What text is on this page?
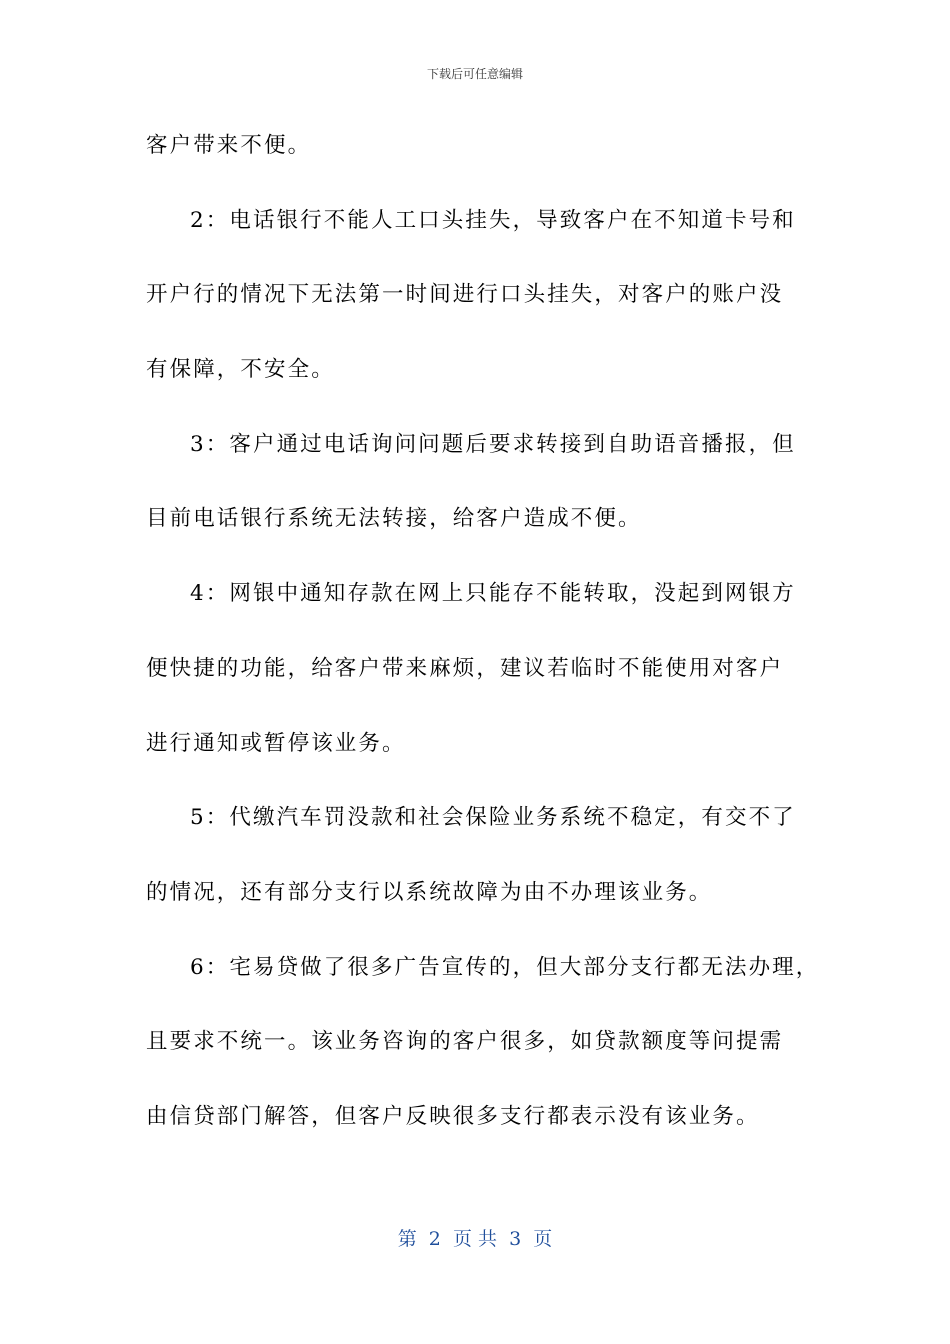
下载后可任意编辑
客户带来不便。
2：电话银行不能人工口头挂失，导致客户在不知道卡号和
开户行的情况下无法第一时间进行口头挂失，对客户的账户没
有保障，不安全。
3：客户通过电话询问问题后要求转接到自助语音播报，但
目前电话银行系统无法转接，给客户造成不便。
4：网银中通知存款在网上只能存不能转取，没起到网银方
便快捷的功能，给客户带来麻烦，建议若临时不能使用对客户
进行通知或暂停该业务。
5：代缴汽车罚没款和社会保险业务系统不稳定，有交不了
的情况，还有部分支行以系统故障为由不办理该业务。
6：宅易贷做了很多广告宣传的，但大部分支行都无法办理，
且要求不统一。该业务咨询的客户很多，如贷款额度等问提需
由信贷部门解答，但客户反映很多支行都表示没有该业务。
第  2  页 共  3  页
